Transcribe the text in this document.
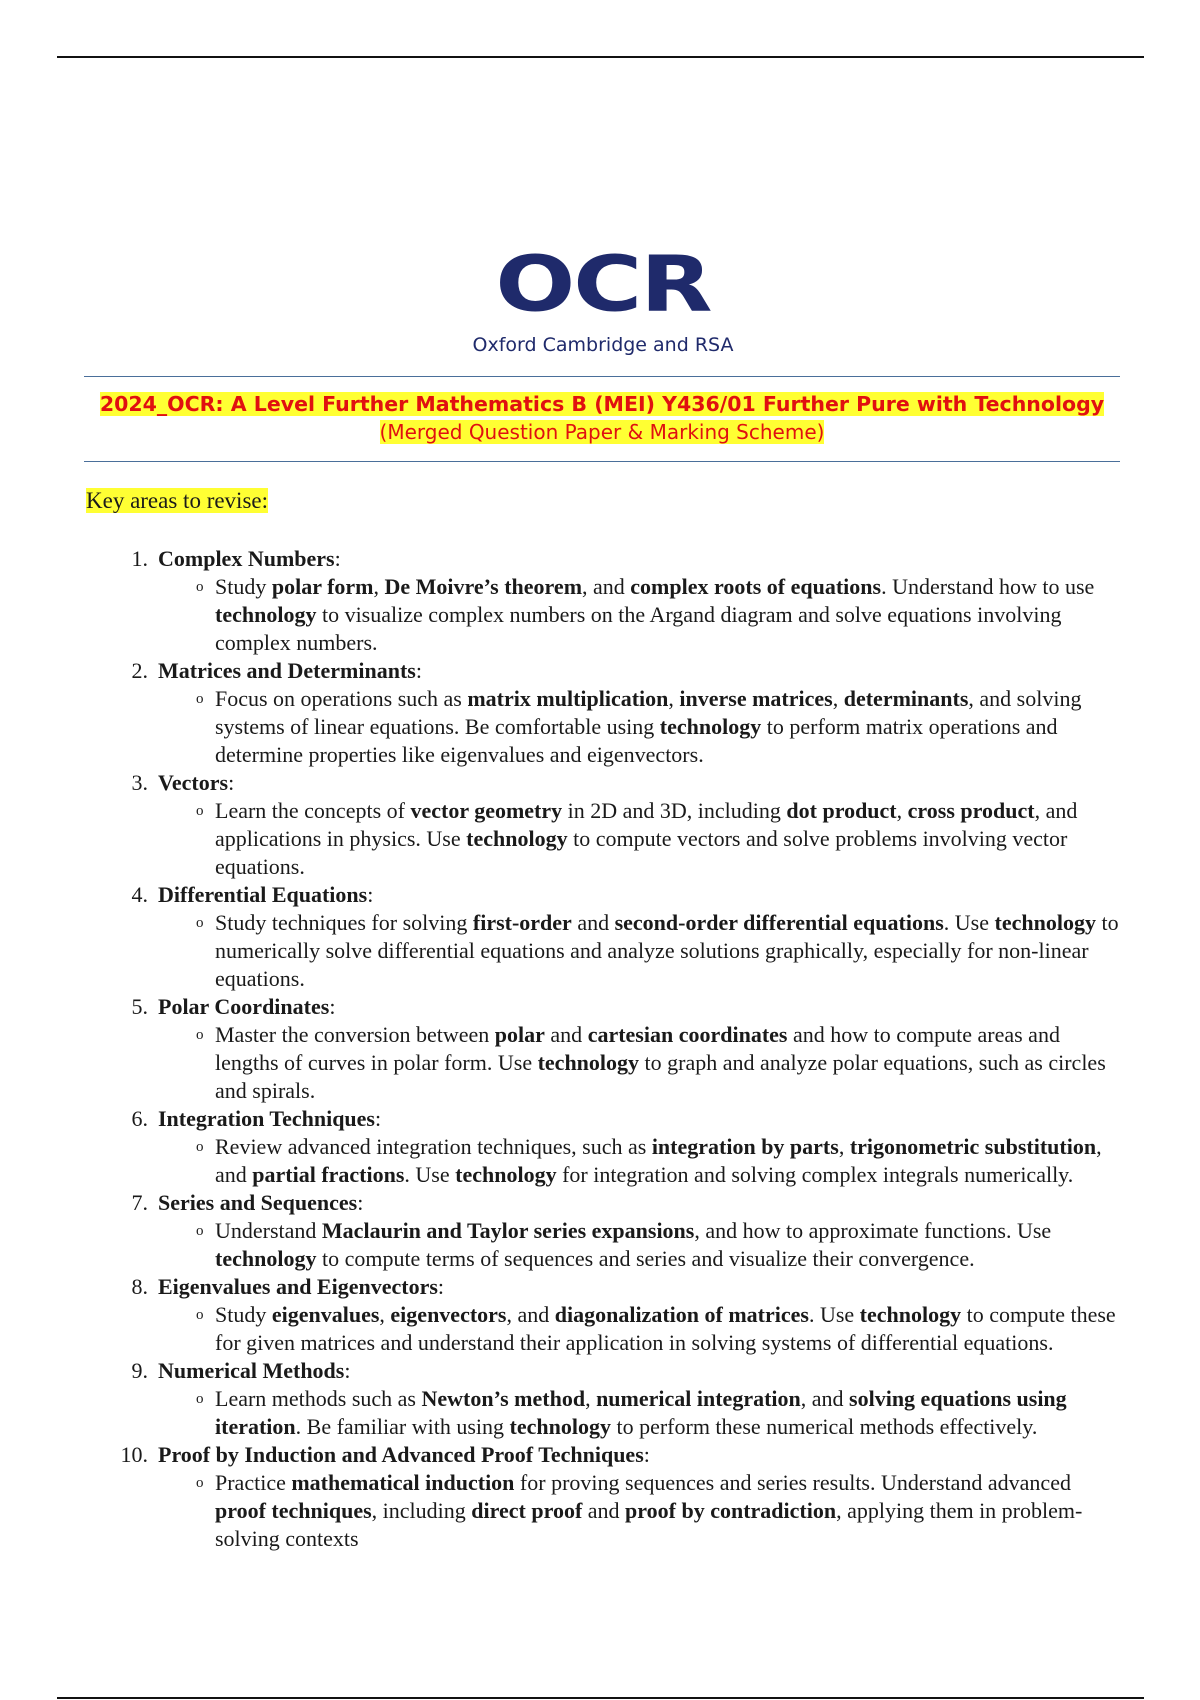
OCR
Oxford Cambridge and RSA
2024_OCR: A Level Further Mathematics B (MEI) Y436/01 Further Pure with Technology
(Merged Question Paper & Marking Scheme)
Key areas to revise:
1. Complex Numbers:
o Study polar form, De Moivre’s theorem, and complex roots of equations. Understand how to use technology to visualize complex numbers on the Argand diagram and solve equations involving complex numbers.
2. Matrices and Determinants:
o Focus on operations such as matrix multiplication, inverse matrices, determinants, and solving systems of linear equations. Be comfortable using technology to perform matrix operations and determine properties like eigenvalues and eigenvectors.
3. Vectors:
o Learn the concepts of vector geometry in 2D and 3D, including dot product, cross product, and applications in physics. Use technology to compute vectors and solve problems involving vector equations.
4. Differential Equations:
o Study techniques for solving first-order and second-order differential equations. Use technology to numerically solve differential equations and analyze solutions graphically, especially for non-linear equations.
5. Polar Coordinates:
o Master the conversion between polar and cartesian coordinates and how to compute areas and lengths of curves in polar form. Use technology to graph and analyze polar equations, such as circles and spirals.
6. Integration Techniques:
o Review advanced integration techniques, such as integration by parts, trigonometric substitution, and partial fractions. Use technology for integration and solving complex integrals numerically.
7. Series and Sequences:
o Understand Maclaurin and Taylor series expansions, and how to approximate functions. Use technology to compute terms of sequences and series and visualize their convergence.
8. Eigenvalues and Eigenvectors:
o Study eigenvalues, eigenvectors, and diagonalization of matrices. Use technology to compute these for given matrices and understand their application in solving systems of differential equations.
9. Numerical Methods:
o Learn methods such as Newton’s method, numerical integration, and solving equations using iteration. Be familiar with using technology to perform these numerical methods effectively.
10. Proof by Induction and Advanced Proof Techniques:
o Practice mathematical induction for proving sequences and series results. Understand advanced proof techniques, including direct proof and proof by contradiction, applying them in problem-solving contexts
